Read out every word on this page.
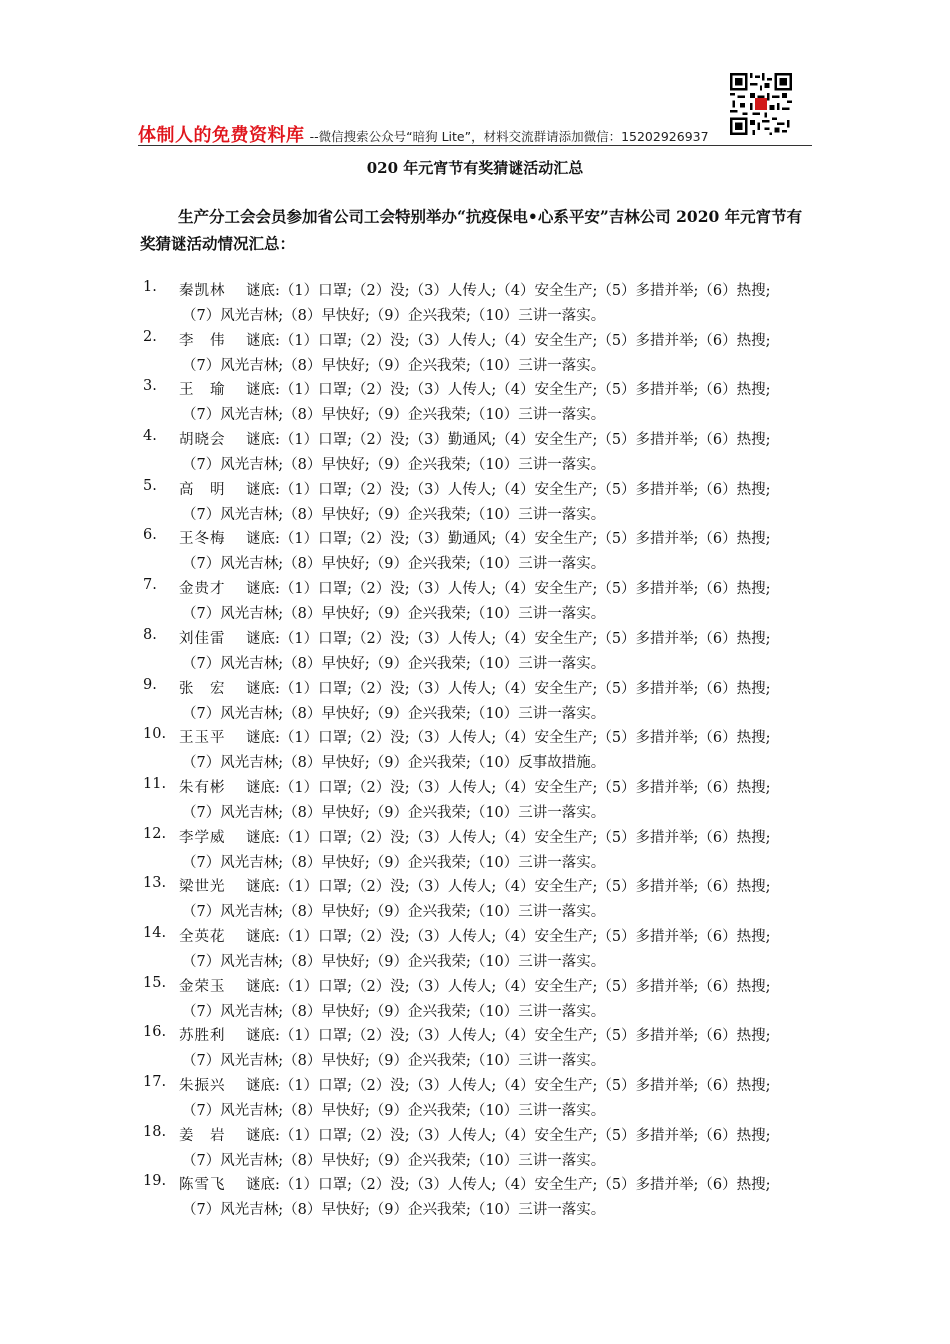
体制人的免费资料库 --微信搜索公众号“暗狗 Lite”，材料交流群请添加微信：15202926937
020 年元宵节有奖猜谜活动汇总
生产分工会会员参加省公司工会特别举办“抗疫保电•心系平安”吉林公司 2020 年元宵节有奖猜谜活动情况汇总：
1. 秦凯林	谜底:（1）口罩;（2）没;（3）人传人;（4）安全生产;（5）多措并举;（6）热搜;
（7）风光吉林;（8）早快好;（9）企兴我荣;（10）三讲一落实。
2. 李　伟	谜底:（1）口罩;（2）没;（3）人传人;（4）安全生产;（5）多措并举;（6）热搜;
（7）风光吉林;（8）早快好;（9）企兴我荣;（10）三讲一落实。
3. 王　瑜	谜底:（1）口罩;（2）没;（3）人传人;（4）安全生产;（5）多措并举;（6）热搜;
（7）风光吉林;（8）早快好;（9）企兴我荣;（10）三讲一落实。
4. 胡晓会	谜底:（1）口罩;（2）没;（3）勤通风;（4）安全生产;（5）多措并举;（6）热搜;
（7）风光吉林;（8）早快好;（9）企兴我荣;（10）三讲一落实。
5. 高　明	谜底:（1）口罩;（2）没;（3）人传人;（4）安全生产;（5）多措并举;（6）热搜;
（7）风光吉林;（8）早快好;（9）企兴我荣;（10）三讲一落实。
6. 王冬梅	谜底:（1）口罩;（2）没;（3）勤通风;（4）安全生产;（5）多措并举;（6）热搜;
（7）风光吉林;（8）早快好;（9）企兴我荣;（10）三讲一落实。
7. 金贵才	谜底:（1）口罩;（2）没;（3）人传人;（4）安全生产;（5）多措并举;（6）热搜;
（7）风光吉林;（8）早快好;（9）企兴我荣;（10）三讲一落实。
8. 刘佳雷	谜底:（1）口罩;（2）没;（3）人传人;（4）安全生产;（5）多措并举;（6）热搜;
（7）风光吉林;（8）早快好;（9）企兴我荣;（10）三讲一落实。
9. 张　宏	谜底:（1）口罩;（2）没;（3）人传人;（4）安全生产;（5）多措并举;（6）热搜;
（7）风光吉林;（8）早快好;（9）企兴我荣;（10）三讲一落实。
10. 王玉平	谜底:（1）口罩;（2）没;（3）人传人;（4）安全生产;（5）多措并举;（6）热搜;
（7）风光吉林;（8）早快好;（9）企兴我荣;（10）反事故措施。
11. 朱有彬	谜底:（1）口罩;（2）没;（3）人传人;（4）安全生产;（5）多措并举;（6）热搜;
（7）风光吉林;（8）早快好;（9）企兴我荣;（10）三讲一落实。
12. 李学威	谜底:（1）口罩;（2）没;（3）人传人;（4）安全生产;（5）多措并举;（6）热搜;
（7）风光吉林;（8）早快好;（9）企兴我荣;（10）三讲一落实。
13. 梁世光	谜底:（1）口罩;（2）没;（3）人传人;（4）安全生产;（5）多措并举;（6）热搜;
（7）风光吉林;（8）早快好;（9）企兴我荣;（10）三讲一落实。
14. 全英花	谜底:（1）口罩;（2）没;（3）人传人;（4）安全生产;（5）多措并举;（6）热搜;
（7）风光吉林;（8）早快好;（9）企兴我荣;（10）三讲一落实。
15. 金荣玉	谜底:（1）口罩;（2）没;（3）人传人;（4）安全生产;（5）多措并举;（6）热搜;
（7）风光吉林;（8）早快好;（9）企兴我荣;（10）三讲一落实。
16. 苏胜利	谜底:（1）口罩;（2）没;（3）人传人;（4）安全生产;（5）多措并举;（6）热搜;
（7）风光吉林;（8）早快好;（9）企兴我荣;（10）三讲一落实。
17. 朱振兴	谜底:（1）口罩;（2）没;（3）人传人;（4）安全生产;（5）多措并举;（6）热搜;
（7）风光吉林;（8）早快好;（9）企兴我荣;（10）三讲一落实。
18. 姜　岩	谜底:（1）口罩;（2）没;（3）人传人;（4）安全生产;（5）多措并举;（6）热搜;
（7）风光吉林;（8）早快好;（9）企兴我荣;（10）三讲一落实。
19. 陈雪飞	谜底:（1）口罩;（2）没;（3）人传人;（4）安全生产;（5）多措并举;（6）热搜;
（7）风光吉林;（8）早快好;（9）企兴我荣;（10）三讲一落实。
